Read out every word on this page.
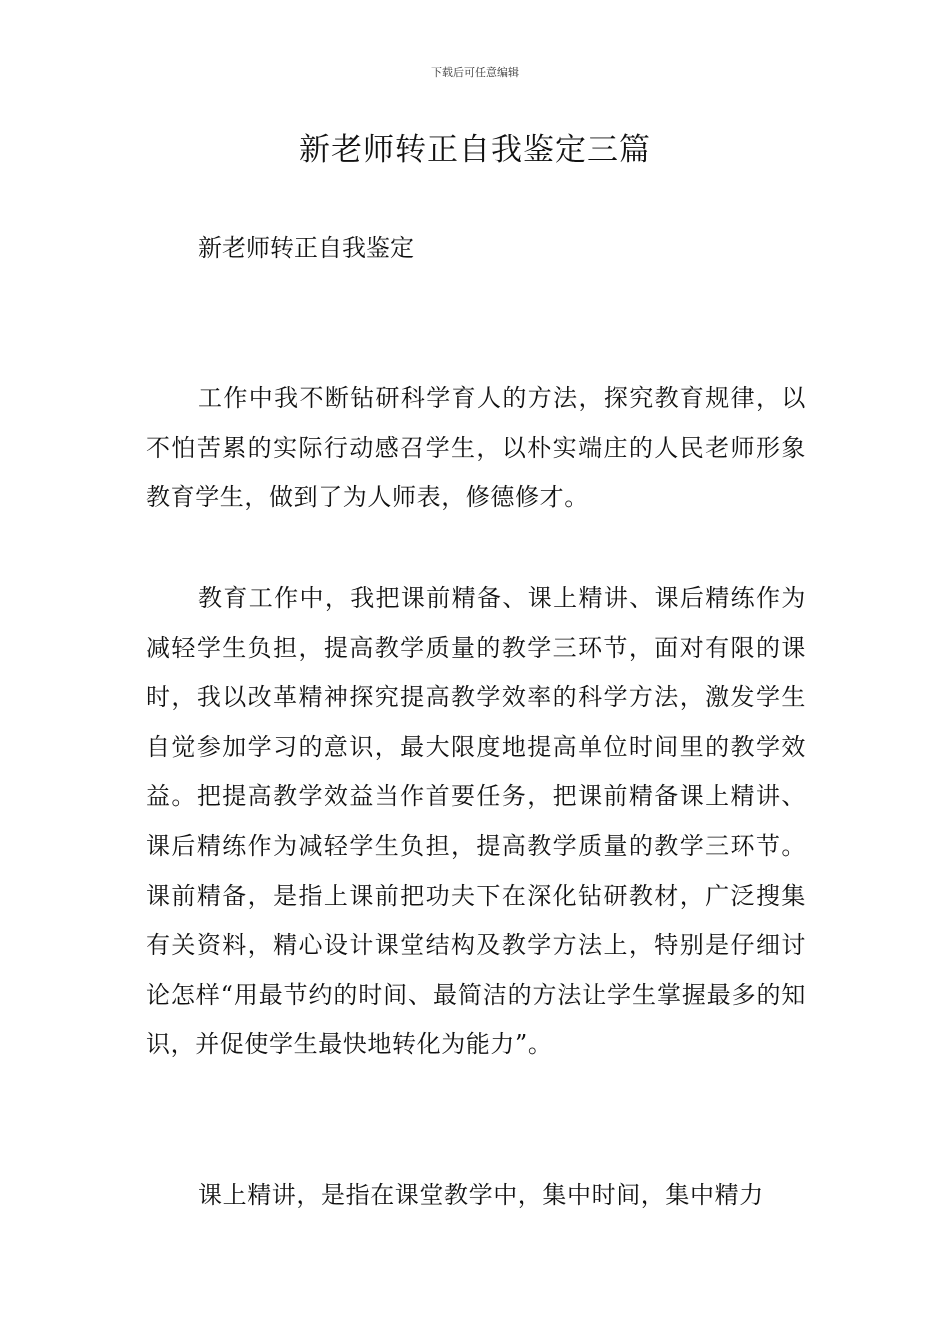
下载后可任意编辑
新老师转正自我鉴定三篇
新老师转正自我鉴定

工作中我不断钻研科学育人的方法，探究教育规律，以不怕苦累的实际行动感召学生，以朴实端庄的人民老师形象教育学生，做到了为人师表，修德修才。

教育工作中，我把课前精备、课上精讲、课后精练作为减轻学生负担，提高教学质量的教学三环节，面对有限的课时，我以改革精神探究提高教学效率的科学方法，激发学生自觉参加学习的意识，最大限度地提高单位时间里的教学效益。把提高教学效益当作首要任务，把课前精备课上精讲、课后精练作为减轻学生负担，提高教学质量的教学三环节。课前精备，是指上课前把功夫下在深化钻研教材，广泛搜集有关资料，精心设计课堂结构及教学方法上，特别是仔细讨论怎样“用最节约的时间、最简洁的方法让学生掌握最多的知识，并促使学生最快地转化为能力”。

课上精讲，是指在课堂教学中，集中时间，集中精力
